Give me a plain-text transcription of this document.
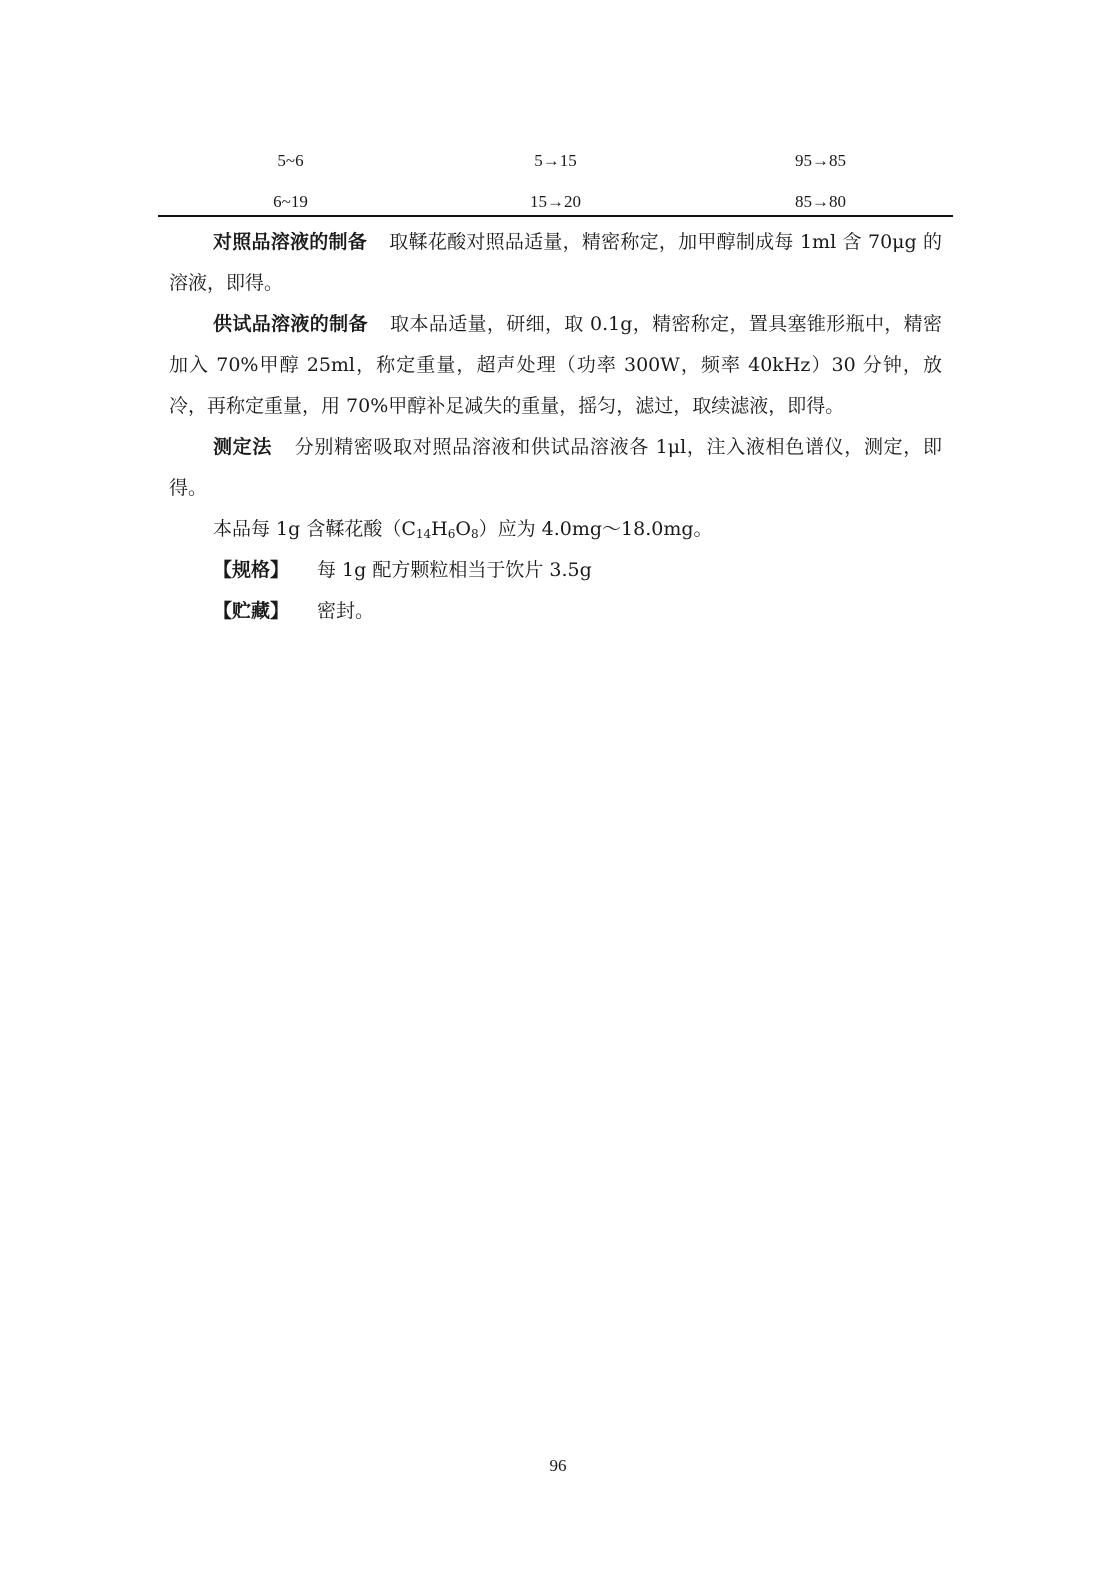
5~6	5→15	95→85
6~19	15→20	85→80

对照品溶液的制备 取鞣花酸对照品适量，精密称定，加甲醇制成每 1ml 含 70μg 的溶液，即得。

供试品溶液的制备 取本品适量，研细，取 0.1g，精密称定，置具塞锥形瓶中，精密加入 70%甲醇 25ml，称定重量，超声处理（功率 300W，频率 40kHz）30 分钟，放冷，再称定重量，用 70%甲醇补足减失的重量，摇匀，滤过，取续滤液，即得。

测定法 分别精密吸取对照品溶液和供试品溶液各 1μl，注入液相色谱仪，测定，即得。

本品每 1g 含鞣花酸$(C_{14}H_6O_8)$应为 4.0mg～18.0mg。

【规格】 每 1g 配方颗粒相当于饮片 3.5g

【贮藏】 密封。

96
